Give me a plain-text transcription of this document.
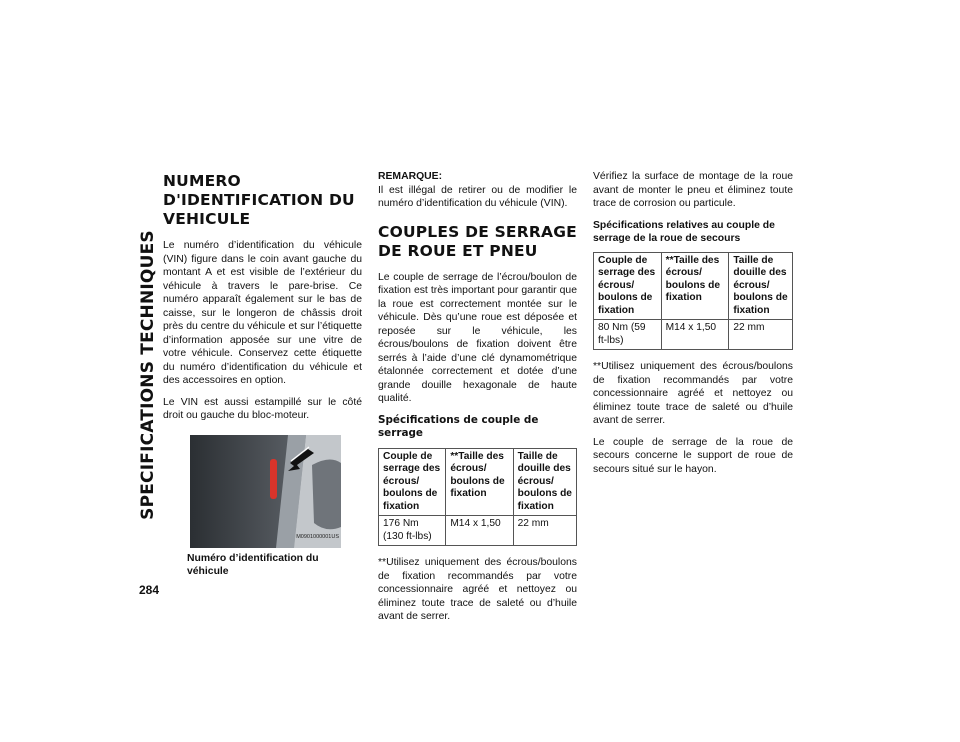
SPECIFICATIONS TECHNIQUES
284
NUMERO D'IDENTIFICATION DU VEHICULE

Le numéro d’identification du véhicule (VIN) figure dans le coin avant gauche du montant A et est visible de l’extérieur du véhicule à travers le pare-brise. Ce numéro apparaît également sur le bas de caisse, sur le longeron de châssis droit près du centre du véhicule et sur l’étiquette d’information apposée sur une vitre de votre véhicule. Conservez cette étiquette du numéro d’identification du véhicule et des accessoires en option.

Le VIN est aussi estampillé sur le côté droit ou gauche du bloc-moteur.

M0901000001US
Numéro d’identification du véhicule

REMARQUE:

Il est illégal de retirer ou de modifier le numéro d’identification du véhicule (VIN).

COUPLES DE SERRAGE DE ROUE ET PNEU

Le couple de serrage de l’écrou/boulon de fixation est très important pour garantir que la roue est correctement montée sur le véhicule. Dès qu’une roue est déposée et reposée sur le véhicule, les écrous/boulons de fixation doivent être serrés à l’aide d’une clé dynamométrique étalonnée correctement et dotée d’une grande douille hexagonale de haute qualité.

Spécifications de couple de serrage
Couple de serrage des écrous/ boulons de fixation	**Taille des écrous/ boulons de fixation	Taille de douille des écrous/ boulons de fixation
176 Nm (130 ft-lbs)	M14 x 1,50	22 mm

**Utilisez uniquement des écrous/boulons de fixation recommandés par votre concessionnaire agréé et nettoyez ou éliminez toute trace de saleté ou d’huile avant de serrer.

Vérifiez la surface de montage de la roue avant de monter le pneu et éliminez toute trace de corrosion ou particule.

Spécifications relatives au couple de serrage de la roue de secours

Couple de serrage des écrous/ boulons de fixation	**Taille des écrous/ boulons de fixation	Taille de douille des écrous/ boulons de fixation
80 Nm (59 ft-lbs)	M14 x 1,50	22 mm

**Utilisez uniquement des écrous/boulons de fixation recommandés par votre concessionnaire agréé et nettoyez ou éliminez toute trace de saleté ou d’huile avant de serrer.

Le couple de serrage de la roue de secours concerne le support de roue de secours situé sur le hayon.
